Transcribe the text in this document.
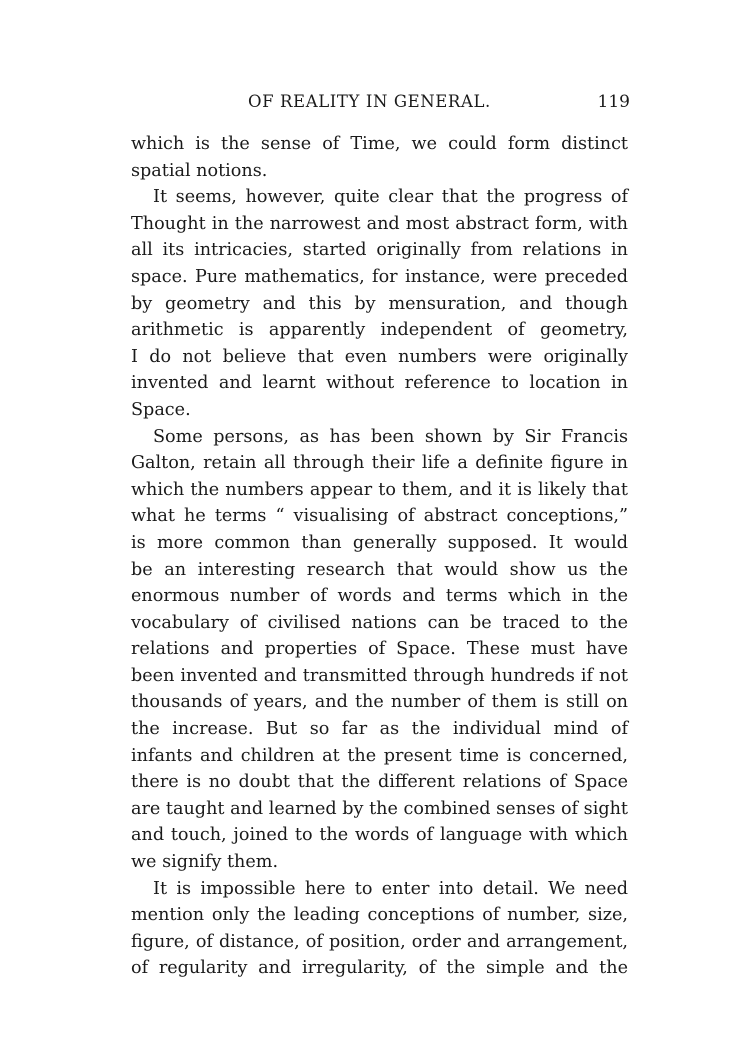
OF REALITY IN GENERAL.	119
which is the sense of Time, we could form distinct
spatial notions.
It seems, however, quite clear that the progress of
Thought in the narrowest and most abstract form, with
all its intricacies, started originally from relations in
space. Pure mathematics, for instance, were preceded
by geometry and this by mensuration, and though
arithmetic is apparently independent of geometry,
I do not believe that even numbers were originally
invented and learnt without reference to location in
Space.
Some persons, as has been shown by Sir Francis
Galton, retain all through their life a definite figure in
which the numbers appear to them, and it is likely that
what he terms “ visualising of abstract conceptions,”
is more common than generally supposed. It would
be an interesting research that would show us the
enormous number of words and terms which in the
vocabulary of civilised nations can be traced to the
relations and properties of Space. These must have
been invented and transmitted through hundreds if not
thousands of years, and the number of them is still on
the increase. But so far as the individual mind of
infants and children at the present time is concerned,
there is no doubt that the different relations of Space
are taught and learned by the combined senses of sight
and touch, joined to the words of language with which
we signify them.
It is impossible here to enter into detail. We need
mention only the leading conceptions of number, size,
figure, of distance, of position, order and arrangement,
of regularity and irregularity, of the simple and the
